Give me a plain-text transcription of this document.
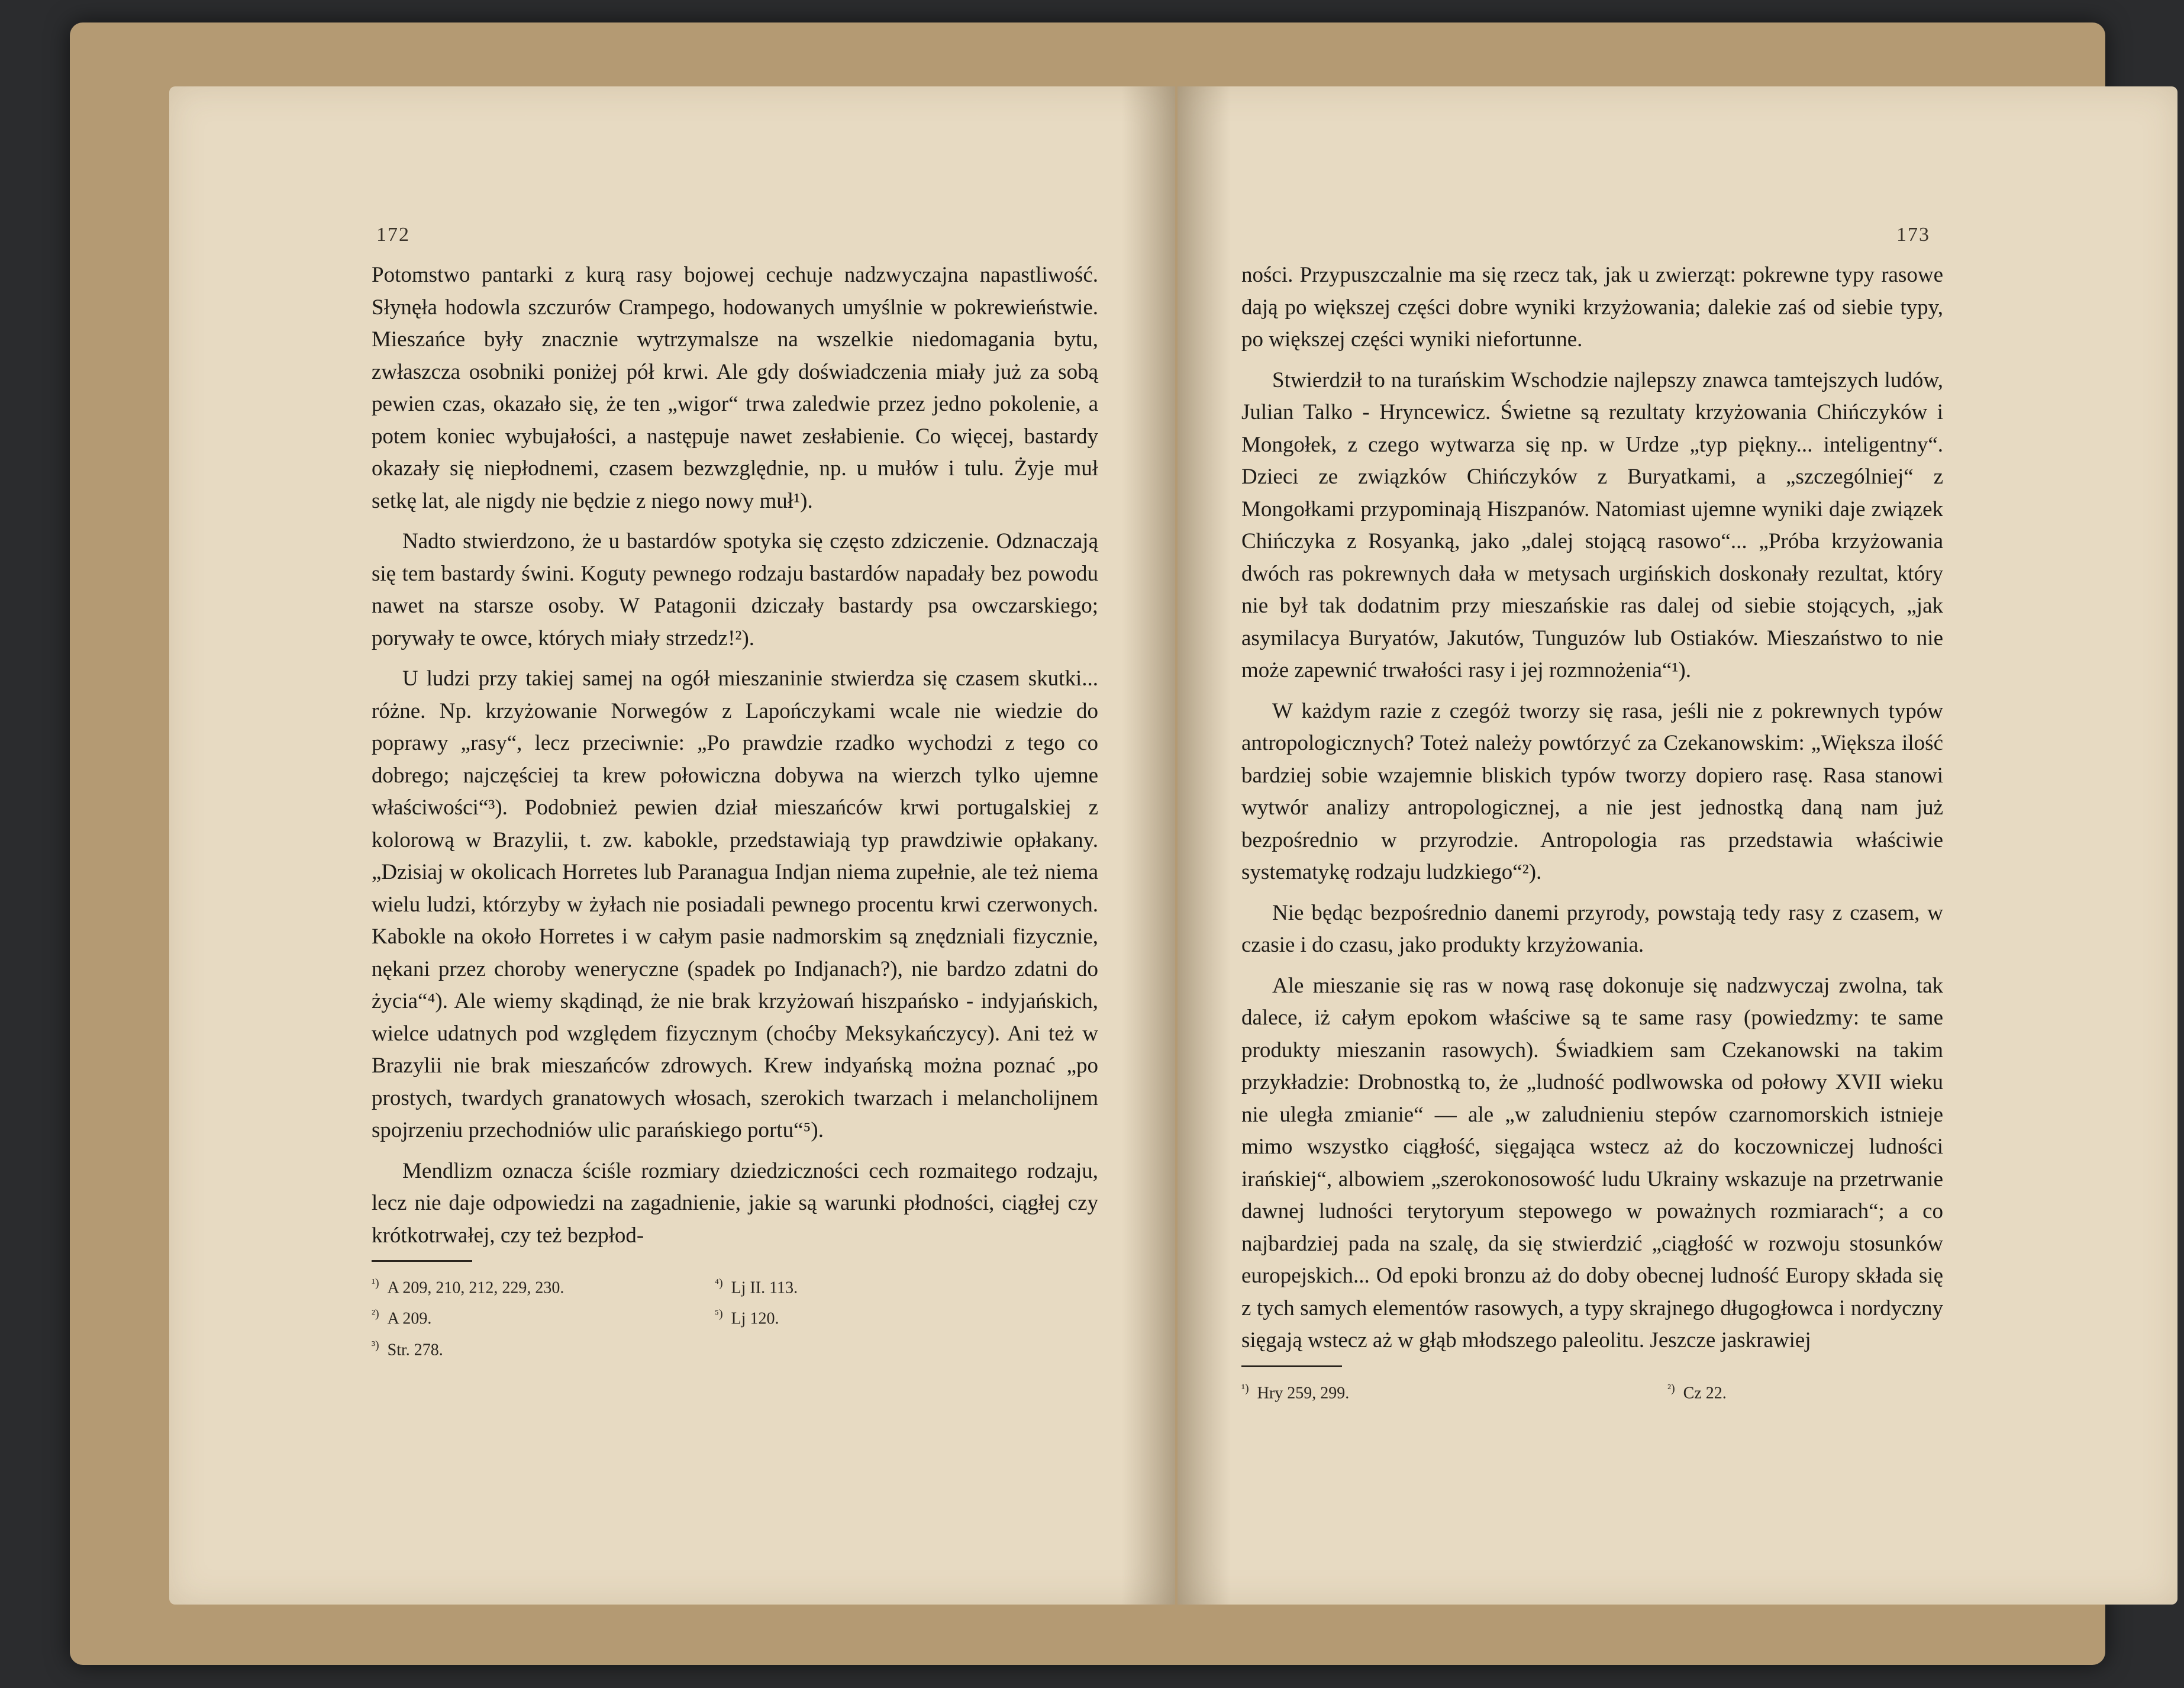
172

Potomstwo pantarki z kurą rasy bojowej cechuje nadzwyczajna napastliwość. Słynęła hodowla szczurów Crampego, hodowanych umyślnie w pokrewieństwie. Mieszańce były znacznie wytrzymalsze na wszelkie niedomagania bytu, zwłaszcza osobniki poniżej pół krwi. Ale gdy doświadczenia miały już za sobą pewien czas, okazało się, że ten „wigor“ trwa zaledwie przez jedno pokolenie, a potem koniec wybujałości, a następuje nawet zesłabienie. Co więcej, bastardy okazały się niepłodnemi, czasem bezwzględnie, np. u mułów i tulu. Żyje muł setkę lat, ale nigdy nie będzie z niego nowy muł¹).

Nadto stwierdzono, że u bastardów spotyka się często zdziczenie. Odznaczają się tem bastardy świni. Koguty pewnego rodzaju bastardów napadały bez powodu nawet na starsze osoby. W Patagonii dziczały bastardy psa owczarskiego; porywały te owce, których miały strzedz!²).

U ludzi przy takiej samej na ogół mieszaninie stwierdza się czasem skutki... różne. Np. krzyżowanie Norwegów z Lapończykami wcale nie wiedzie do poprawy „rasy“, lecz przeciwnie: „Po prawdzie rzadko wychodzi z tego co dobrego; najczęściej ta krew połowiczna dobywa na wierzch tylko ujemne właściwości“³). Podobnież pewien dział mieszańców krwi portugalskiej z kolorową w Brazylii, t. zw. kabokle, przedstawiają typ prawdziwie opłakany. „Dzisiaj w okolicach Horretes lub Paranagua Indjan niema zupełnie, ale też niema wielu ludzi, którzyby w żyłach nie posiadali pewnego procentu krwi czerwonych. Kabokle na około Horretes i w całym pasie nadmorskim są znędzniali fizycznie, nękani przez choroby weneryczne (spadek po Indjanach?), nie bardzo zdatni do życia“⁴). Ale wiemy skądinąd, że nie brak krzyżowań hiszpańsko - indyjańskich, wielce udatnych pod względem fizycznym (choćby Meksykańczycy). Ani też w Brazylii nie brak mieszańców zdrowych. Krew indyańską można poznać „po prostych, twardych granatowych włosach, szerokich twarzach i melancholijnem spojrzeniu przechodniów ulic parańskiego portu“⁵).

Mendlizm oznacza ściśle rozmiary dziedziczności cech rozmaitego rodzaju, lecz nie daje odpowiedzi na zagadnienie, jakie są warunki płodności, ciągłej czy krótkotrwałej, czy też bezpłod-

$^{^1)}$ A 209, 210, 212, 229, 230.
$^{^2)}$ A 209.
$^{^3)}$ Str. 278.
$^{^4)}$ Lj II. 113.
$^{^5)}$ Lj 120.
173

ności. Przypuszczalnie ma się rzecz tak, jak u zwierząt: pokrewne typy rasowe dają po większej części dobre wyniki krzyżowania; dalekie zaś od siebie typy, po większej części wyniki niefortunne.

Stwierdził to na turańskim Wschodzie najlepszy znawca tamtejszych ludów, Julian Talko - Hryncewicz. Świetne są rezultaty krzyżowania Chińczyków i Mongołek, z czego wytwarza się np. w Urdze „typ piękny... inteligentny“. Dzieci ze związków Chińczyków z Buryatkami, a „szczególniej“ z Mongołkami przypominają Hiszpanów. Natomiast ujemne wyniki daje związek Chińczyka z Rosyanką, jako „dalej stojącą rasowo“... „Próba krzyżowania dwóch ras pokrewnych dała w metysach urgińskich doskonały rezultat, który nie był tak dodatnim przy mieszańskie ras dalej od siebie stojących, „jak asymilacya Buryatów, Jakutów, Tunguzów lub Ostiaków. Mieszaństwo to nie może zapewnić trwałości rasy i jej rozmnożenia“¹).

W każdym razie z czegóż tworzy się rasa, jeśli nie z pokrewnych typów antropologicznych? Toteż należy powtórzyć za Czekanowskim: „Większa ilość bardziej sobie wzajemnie bliskich typów tworzy dopiero rasę. Rasa stanowi wytwór analizy antropologicznej, a nie jest jednostką daną nam już bezpośrednio w przyrodzie. Antropologia ras przedstawia właściwie systematykę rodzaju ludzkiego“²).

Nie będąc bezpośrednio danemi przyrody, powstają tedy rasy z czasem, w czasie i do czasu, jako produkty krzyżowania.

Ale mieszanie się ras w nową rasę dokonuje się nadzwyczaj zwolna, tak dalece, iż całym epokom właściwe są te same rasy (powiedzmy: te same produkty mieszanin rasowych). Świadkiem sam Czekanowski na takim przykładzie: Drobnostką to, że „ludność podlwowska od połowy XVII wieku nie uległa zmianie“ — ale „w zaludnieniu stepów czarnomorskich istnieje mimo wszystko ciągłość, sięgająca wstecz aż do koczowniczej ludności irańskiej“, albowiem „szerokonosowość ludu Ukrainy wskazuje na przetrwanie dawnej ludności terytoryum stepowego w poważnych rozmiarach“; a co najbardziej pada na szalę, da się stwierdzić „ciągłość w rozwoju stosunków europejskich... Od epoki bronzu aż do doby obecnej ludność Europy składa się z tych samych elementów rasowych, a typy skrajnego długogłowca i nordyczny sięgają wstecz aż w głąb młodszego paleolitu. Jeszcze jaskrawiej

$^{^1)}$ Hry 259, 299.	$^{^2)}$ Cz 22.
